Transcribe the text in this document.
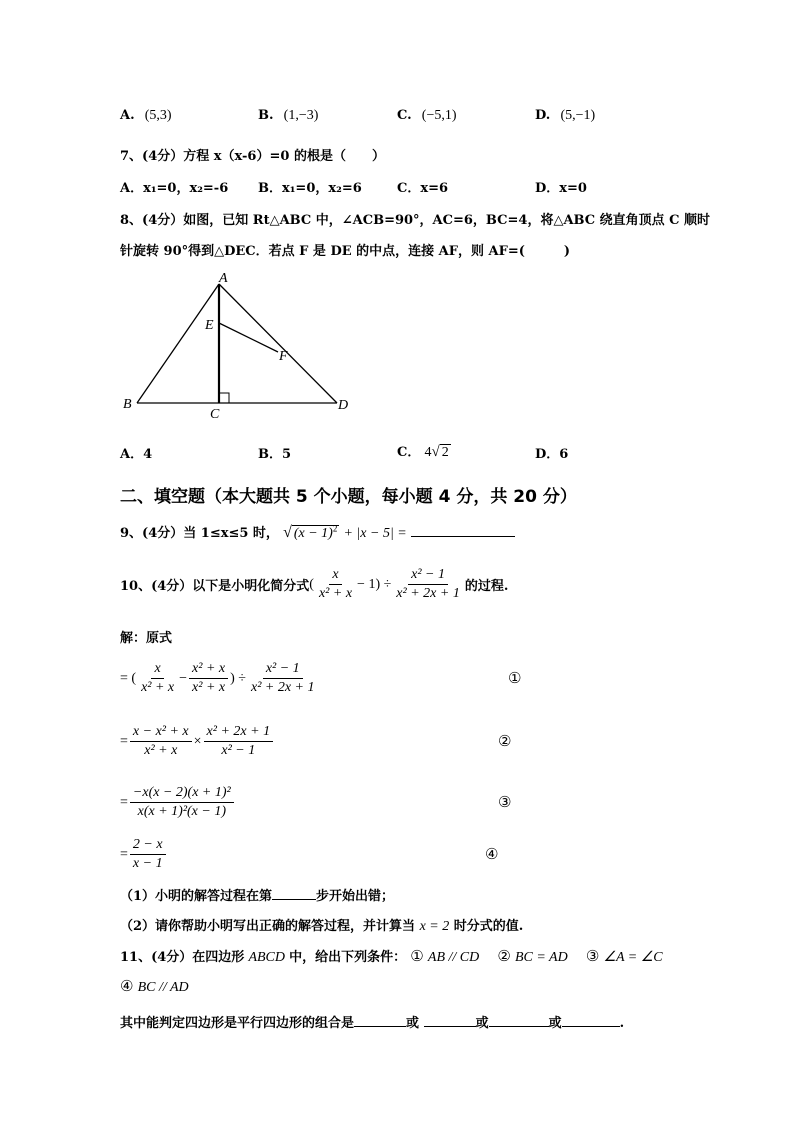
A. (5,3)	B. (1,−3)	C. (−5,1)	D. (5,−1)
7、(4分）方程 x（x-6）=0 的根是（　　）
A．x₁=0，x₂=-6 B．x₁=0，x₂=6	C．x=6	D．x=0
8、(4分）如图，已知 Rt△ABC 中，∠ACB=90°，AC=6，BC=4，将△ABC 绕直角顶点 C 顺时
针旋转 90°得到△DEC．若点 F 是 DE 的中点，连接 AF，则 AF=(　　　)
A
E
F
B
C
D
A．4	B．5	C． 4√ 2	D．6
二、填空题（本大题共 5 个小题，每小题 4 分，共 20 分）
9、(4分）当 1≤x≤5 时， √ $(x - 1)^2 + |x - 5|$ =
10、(4分）以下是小明化简分式 ( $\frac{x}{\text{x² + x}} - 1) \div \frac{\text{x² − 1}}{\text{x² + 2x + 1}}$ 的过程.
解：原式
= ( $\frac{x}{\text{x² + x}} - \frac{\text{x² + x}}{\text{x² + x}}$ ) ÷ $\frac{\text{x² − 1}}{\text{x² + 2x + 1}}$	①
= $\frac{\text{x − x² + x}}{\text{x² + x}} \times \frac{\text{x² + 2x + 1}}{\text{x² − 1}}$	②
= $\frac{\text{−x(x − 2)(x + 1)²}}{\text{x(x + 1)²(x − 1)}}$	③
= $\frac{2 - x}{x - 1}$	④
（1）小明的解答过程在第	步开始出错；
（2）请你帮助小明写出正确的解答过程，并计算当 x = 2 时分式的值.
11、(4分）在四边形 ABCD 中，给出下列条件： ① AB // CD ② BC = AD ③ ∠A = ∠C
④ BC // AD
其中能判定四边形是平行四边形的组合是	或	或	或	.
